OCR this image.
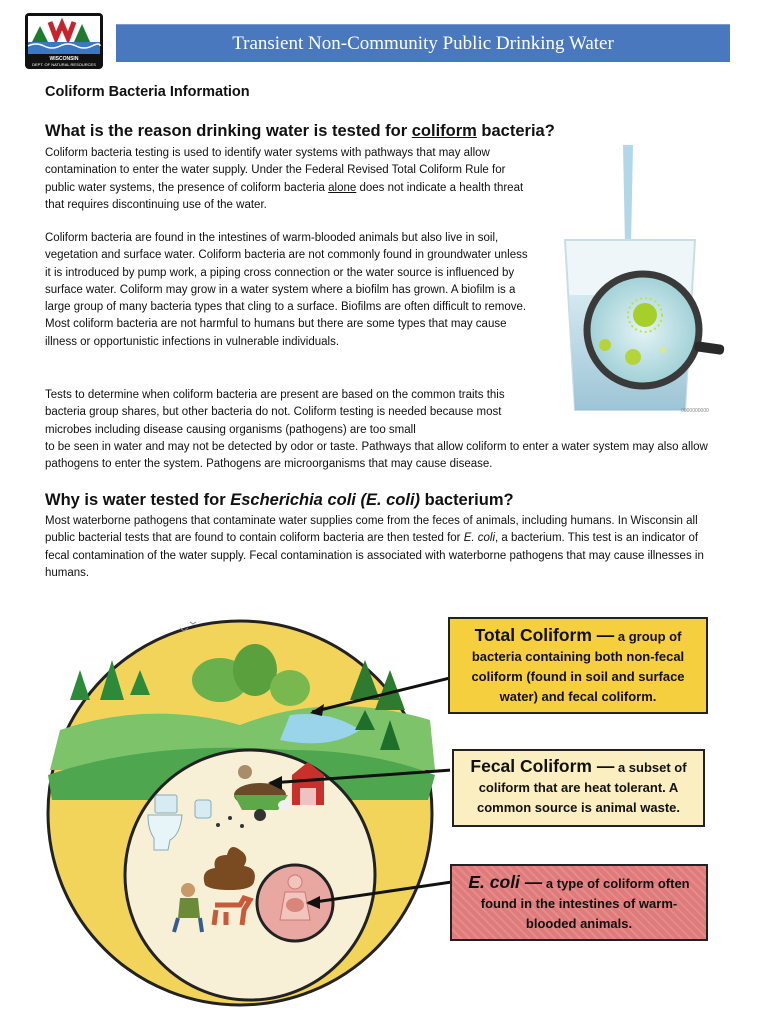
WISCONSIN
DEPT. OF NATURAL RESOURCES
Transient Non-Community Public Drinking Water
Coliform Bacteria Information
What is the reason drinking water is tested for coliform bacteria?

Coliform bacteria testing is used to identify water systems with pathways that may allow contamination to enter the water supply. Under the Federal Revised Total Coliform Rule for public water systems, the presence of coliform bacteria alone does not indicate a health threat that requires discontinuing use of the water.

Coliform bacteria are found in the intestines of warm-blooded animals but also live in soil, vegetation and surface water. Coliform bacteria are not commonly found in groundwater unless it is introduced by pump work, a piping cross connection or the water source is influenced by surface water. Coliform may grow in a water system where a biofilm has grown. A biofilm is a large group of many bacteria types that cling to a surface. Biofilms are often difficult to remove. Most coliform bacteria are not harmful to humans but there are some types that may cause illness or opportunistic infections in vulnerable individuals.

Tests to determine when coliform bacteria are present are based on the common traits this bacteria group shares, but other bacteria do not. Coliform testing is needed because most microbes including disease causing organisms (pathogens) are too small
to be seen in water and may not be detected by odor or taste. Pathways that allow coliform to enter a water system may also allow pathogens to enter the system. Pathogens are microorganisms that may cause disease.

0000000000
Why is water tested for Escherichia coli (E. coli) bacterium?

Most waterborne pathogens that contaminate water supplies come from the feces of animals, including humans. In Wisconsin all public bacterial tests that are found to contain coliform bacteria are then tested for E. coli, a bacterium. This test is an indicator of fecal contamination of the water supply. Fecal contamination is associated with waterborne pathogens that may cause illnesses in humans.

Total Coliform — a group of bacteria containing both non-fecal coliform (found in soil and surface water) and fecal coliform.
Fecal Coliform — a subset of coliform that are heat tolerant. A common source is animal waste.
E. coli — a type of coliform often found in the intestines of warm-blooded animals.
